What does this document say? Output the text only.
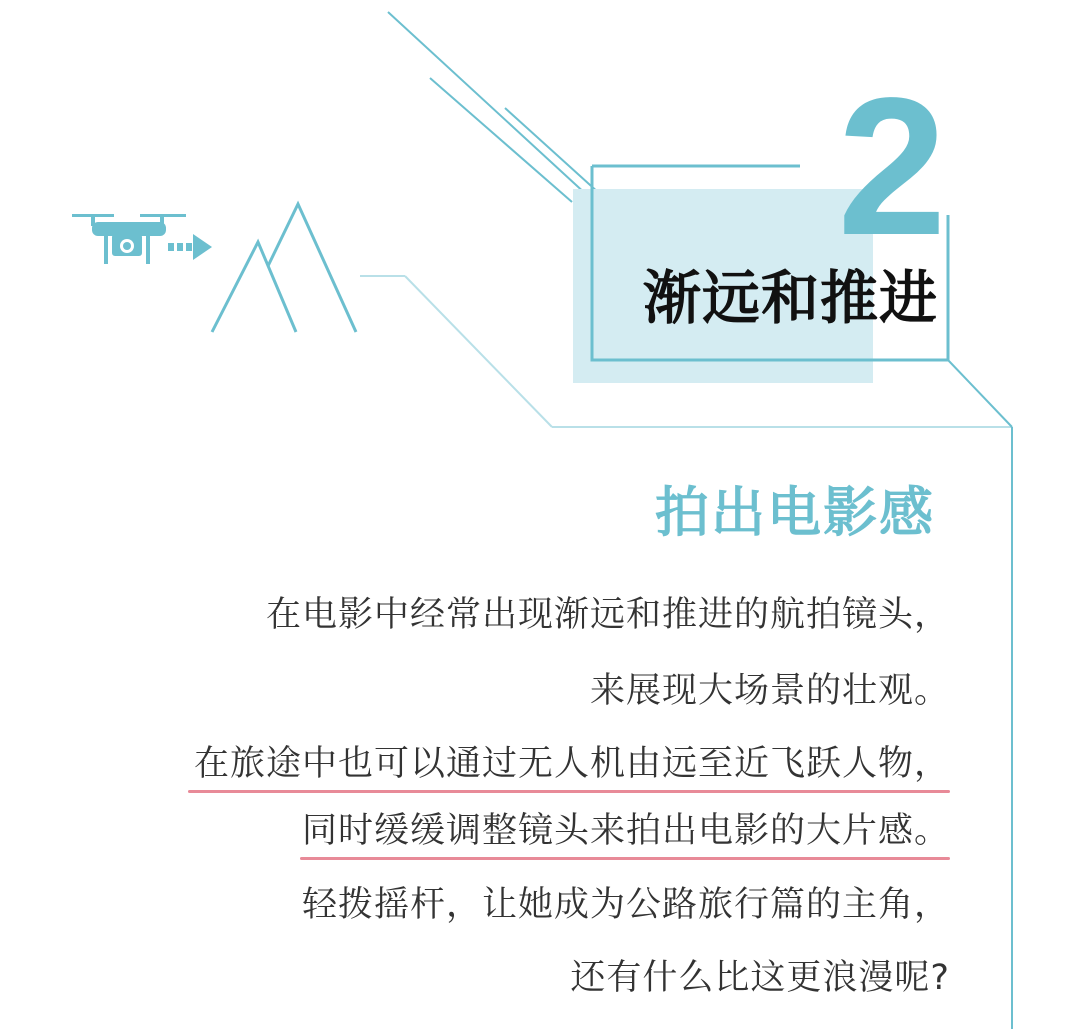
2
渐远和推进
拍出电影感
在电影中经常出现渐远和推进的航拍镜头，
来展现大场景的壮观。
在旅途中也可以通过无人机由远至近飞跃人物，
同时缓缓调整镜头来拍出电影的大片感。
轻拨摇杆，让她成为公路旅行篇的主角，
还有什么比这更浪漫呢?
